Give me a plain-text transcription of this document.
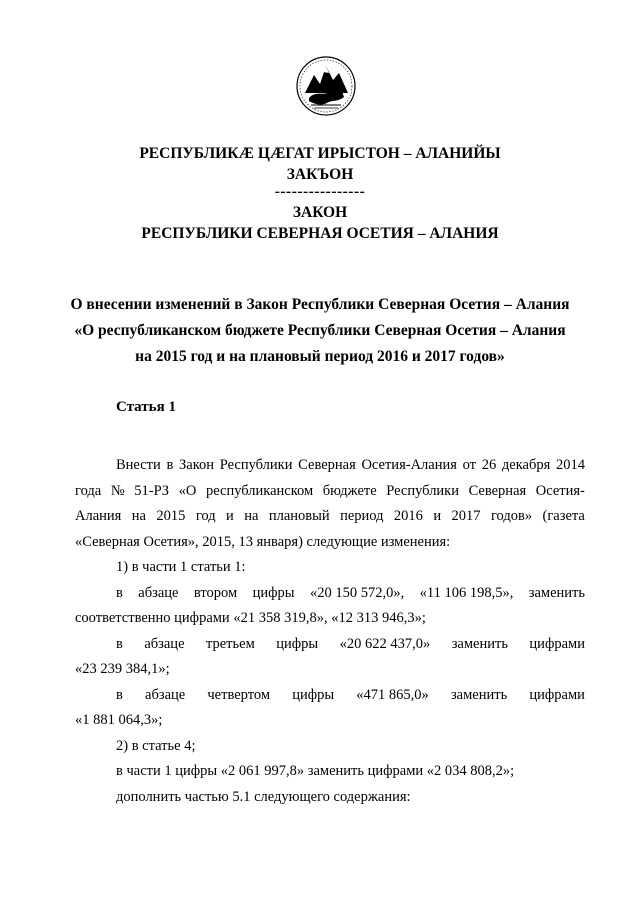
РЕСПУБЛИКӔ ЦӔГАТ ИРЫСТОН – АЛАНИЙЫ
ЗАКЪОН
----------------
ЗАКОН
РЕСПУБЛИКИ СЕВЕРНАЯ ОСЕТИЯ – АЛАНИЯ
О внесении изменений в Закон Республики Северная Осетия – Алания
«О республиканском бюджете Республики Северная Осетия – Алания
на 2015 год и на плановый период 2016 и 2017 годов»
Статья 1
Внести в Закон Республики Северная Осетия-Алания от 26 декабря 2014
года № 51-РЗ «О республиканском бюджете Республики Северная Осетия-
Алания на 2015 год и на плановый период 2016 и 2017 годов» (газета
«Северная Осетия», 2015, 13 января) следующие изменения:
1) в части 1 статьи 1:
в абзаце втором цифры «20 150 572,0», «11 106 198,5», заменить
соответственно цифрами «21 358 319,8», «12 313 946,3»;
в абзаце третьем цифры «20 622 437,0» заменить цифрами
«23 239 384,1»;
в абзаце четвертом цифры «471 865,0» заменить цифрами
«1 881 064,3»;
2) в статье 4;
в части 1 цифры «2 061 997,8» заменить цифрами «2 034 808,2»;
дополнить частью 5.1 следующего содержания:
